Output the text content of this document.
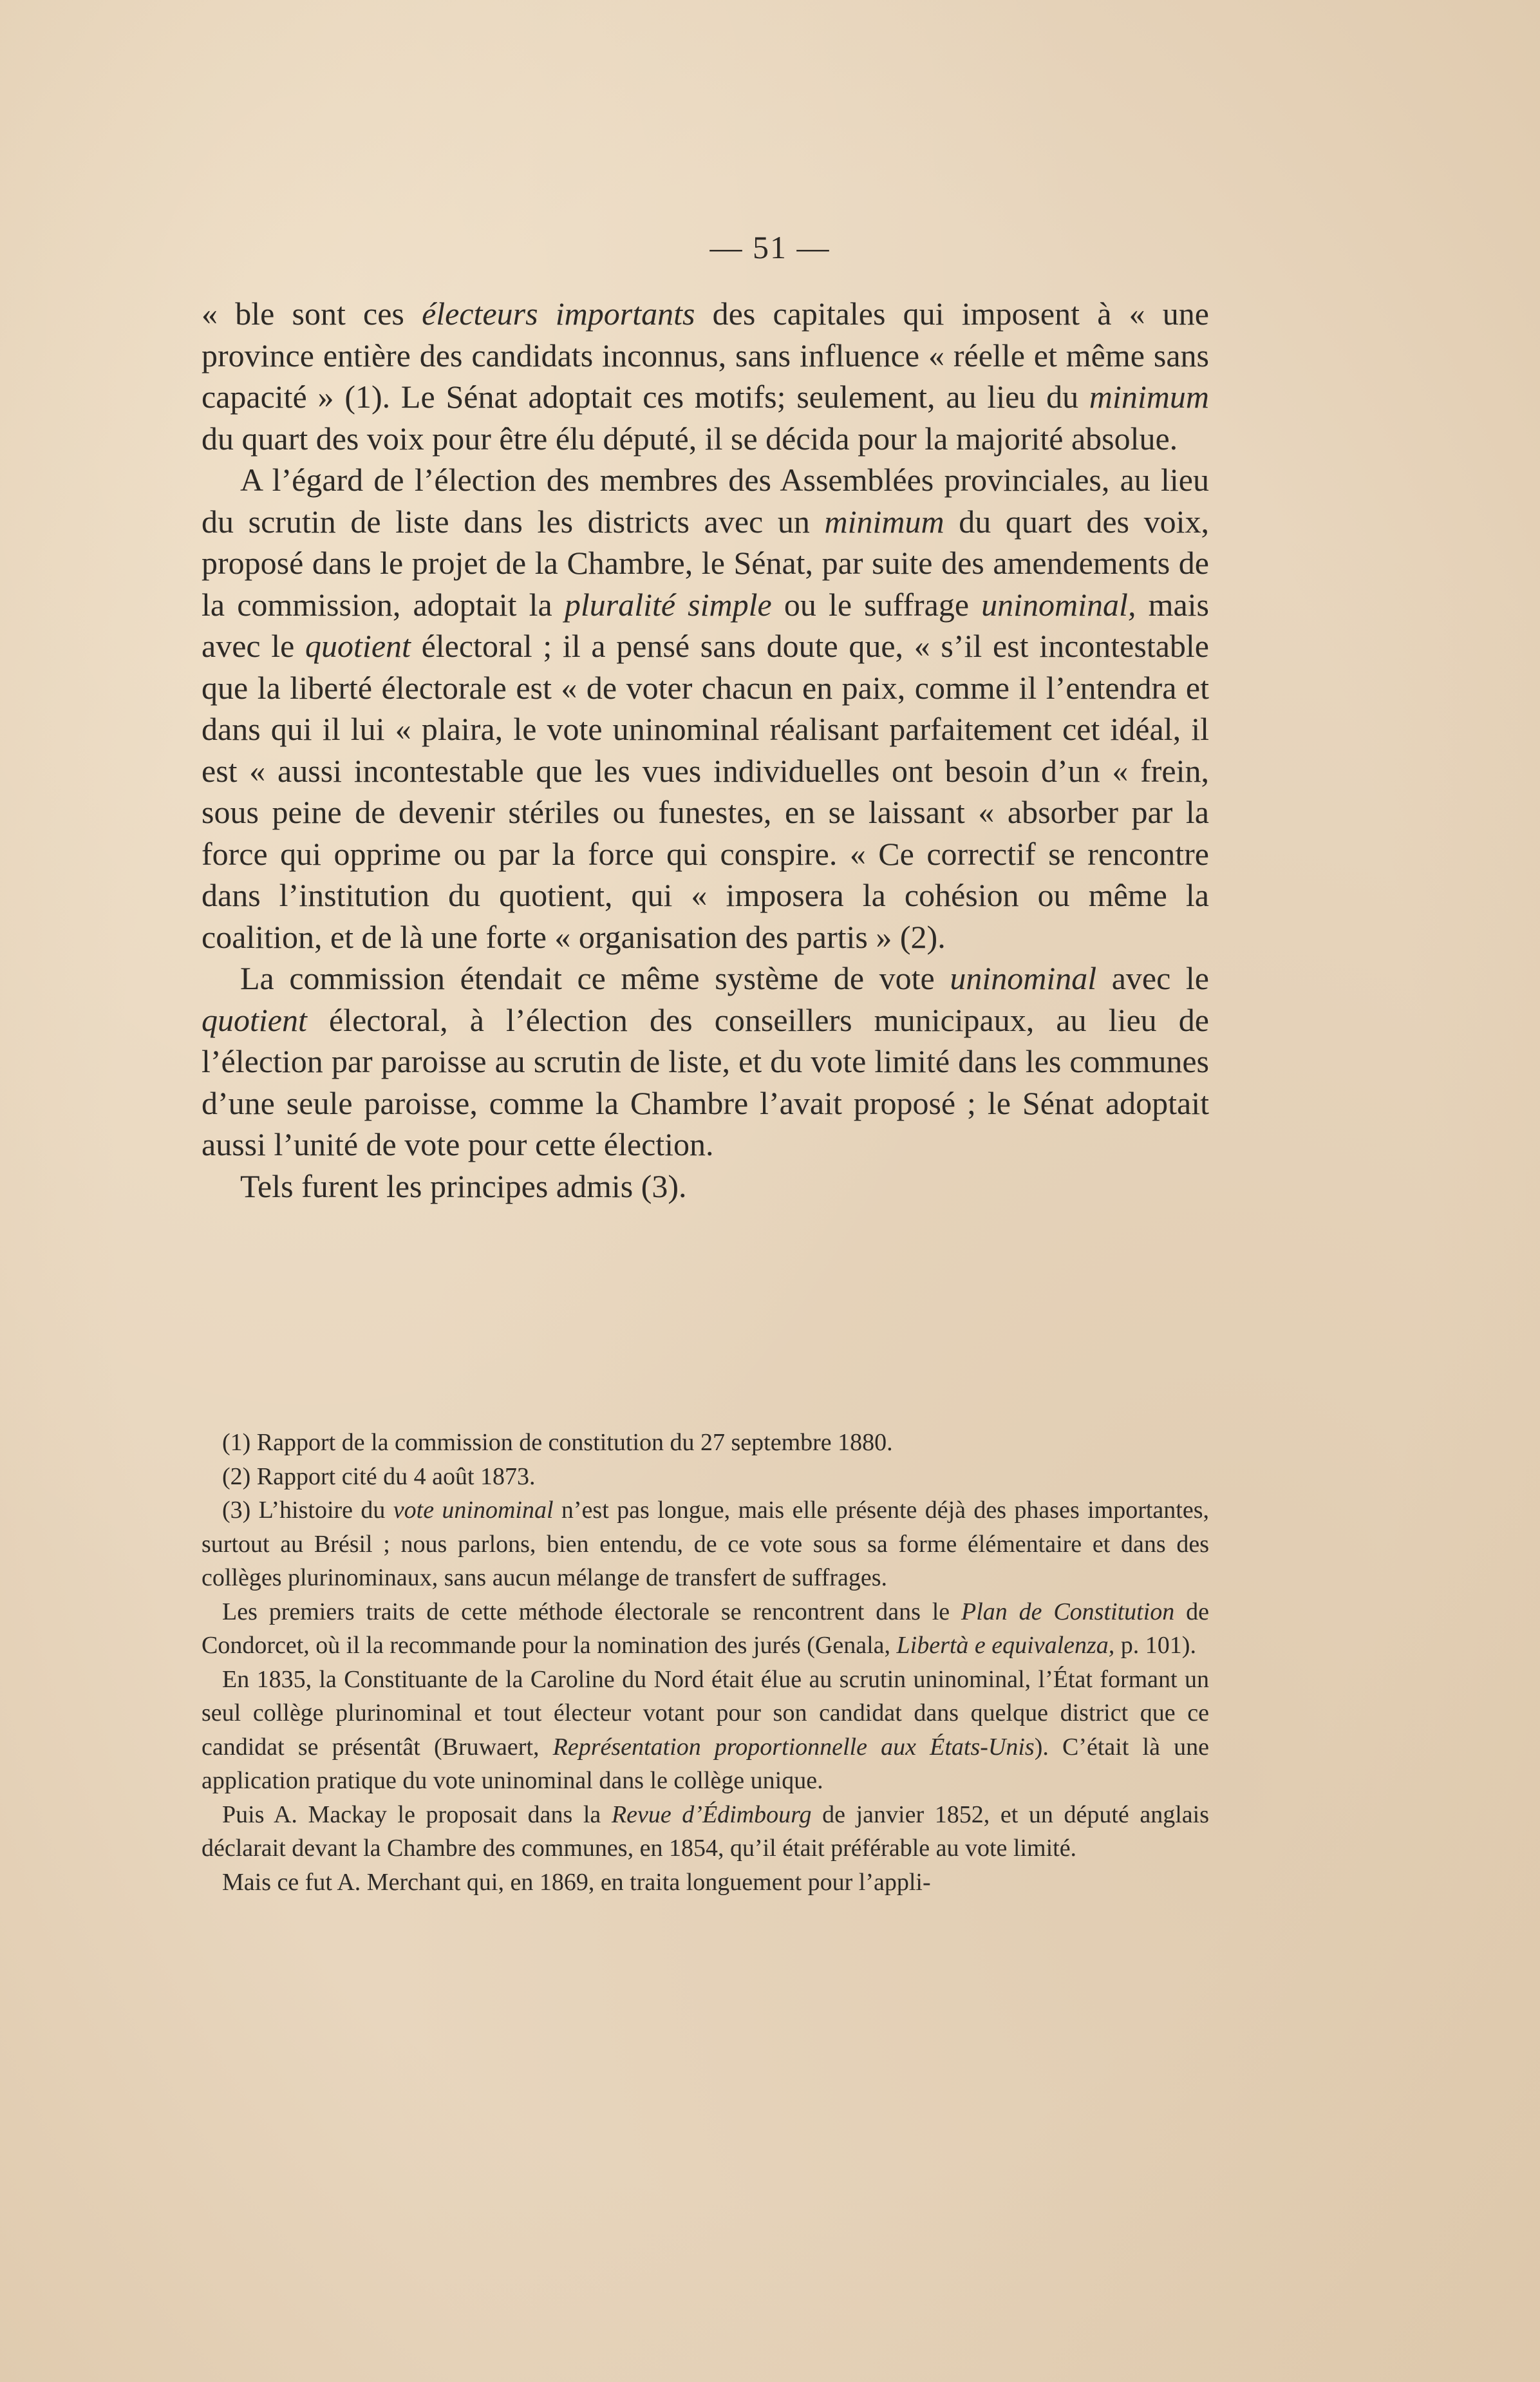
— 51 —

« ble sont ces électeurs importants des capitales qui imposent à « une province entière des candidats inconnus, sans influence « réelle et même sans capacité » (1). Le Sénat adoptait ces motifs; seulement, au lieu du minimum du quart des voix pour être élu député, il se décida pour la majorité absolue.

A l’égard de l’élection des membres des Assemblées provinciales, au lieu du scrutin de liste dans les districts avec un minimum du quart des voix, proposé dans le projet de la Chambre, le Sénat, par suite des amendements de la commission, adoptait la pluralité simple ou le suffrage uninominal, mais avec le quotient électoral ; il a pensé sans doute que, « s’il est incontestable que la liberté électorale est « de voter chacun en paix, comme il l’entendra et dans qui il lui « plaira, le vote uninominal réalisant parfaitement cet idéal, il est « aussi incontestable que les vues individuelles ont besoin d’un « frein, sous peine de devenir stériles ou funestes, en se laissant « absorber par la force qui opprime ou par la force qui conspire. « Ce correctif se rencontre dans l’institution du quotient, qui « imposera la cohésion ou même la coalition, et de là une forte « organisation des partis » (2).

La commission étendait ce même système de vote uninominal avec le quotient électoral, à l’élection des conseillers municipaux, au lieu de l’élection par paroisse au scrutin de liste, et du vote limité dans les communes d’une seule paroisse, comme la Chambre l’avait proposé ; le Sénat adoptait aussi l’unité de vote pour cette élection.

Tels furent les principes admis (3).

(1) Rapport de la commission de constitution du 27 septembre 1880.

(2) Rapport cité du 4 août 1873.

(3) L’histoire du vote uninominal n’est pas longue, mais elle présente déjà des phases importantes, surtout au Brésil ; nous parlons, bien entendu, de ce vote sous sa forme élémentaire et dans des collèges plurinominaux, sans aucun mélange de transfert de suffrages.

Les premiers traits de cette méthode électorale se rencontrent dans le Plan de Constitution de Condorcet, où il la recommande pour la nomination des jurés (Genala, Libertà e equivalenza, p. 101).

En 1835, la Constituante de la Caroline du Nord était élue au scrutin uninominal, l’État formant un seul collège plurinominal et tout électeur votant pour son candidat dans quelque district que ce candidat se présentât (Bruwaert, Représentation proportionnelle aux États-Unis). C’était là une application pratique du vote uninominal dans le collège unique.

Puis A. Mackay le proposait dans la Revue d’Édimbourg de janvier 1852, et un député anglais déclarait devant la Chambre des communes, en 1854, qu’il était préférable au vote limité.

Mais ce fut A. Merchant qui, en 1869, en traita longuement pour l’appli-
